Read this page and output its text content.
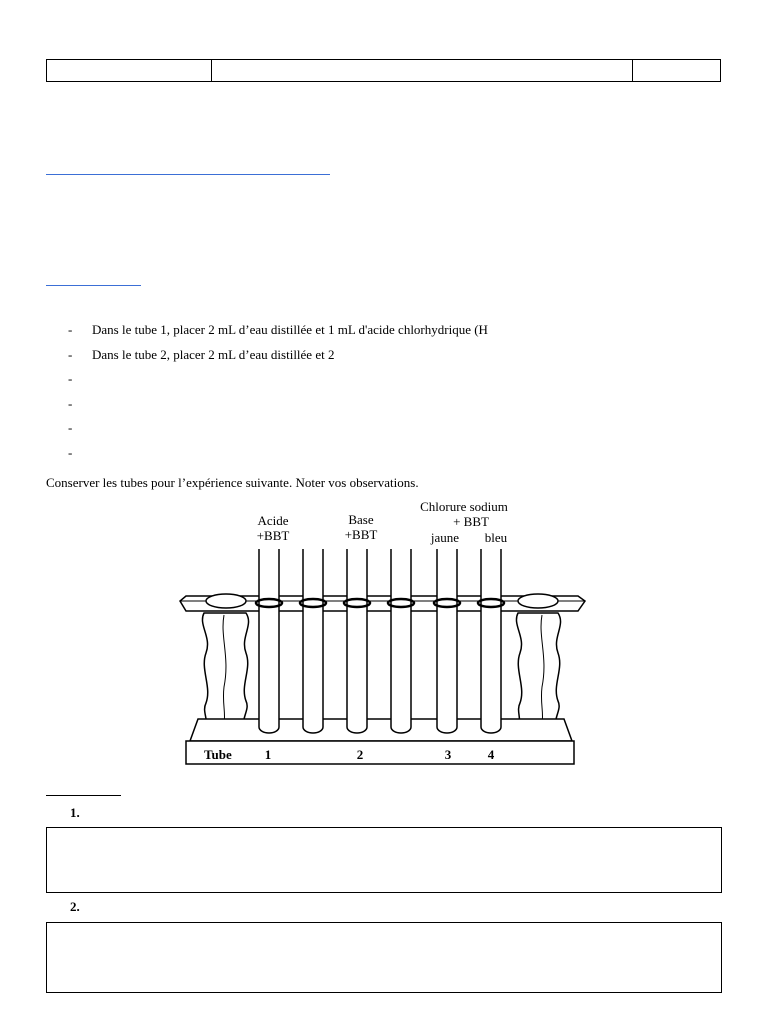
-	Dans le tube 1, placer 2 mL d’eau distillée et 1 mL d'acide chlorhydrique (H
-	Dans le tube 2, placer 2 mL d’eau distillée et 2
-
-
-
-
Conserver les tubes pour l’expérience suivante. Noter vos observations.
Acide
+BBT
Base
+BBT
Chlorure sodium
+ BBT
jaune bleu
Tube	1	2	3	4
1.
2.
